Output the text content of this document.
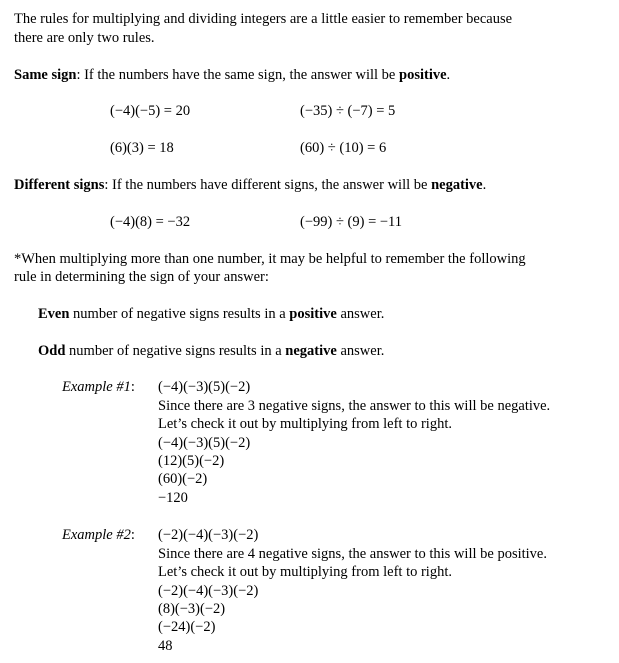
The rules for multiplying and dividing integers are a little easier to remember because
there are only two rules.
Same sign: If the numbers have the same sign, the answer will be positive.
(−4)(−5) = 20	(−35) ÷ (−7) = 5
(6)(3) = 18	(60) ÷ (10) = 6
Different signs: If the numbers have different signs, the answer will be negative.
(−4)(8) = −32	(−99) ÷ (9) = −11
*When multiplying more than one number, it may be helpful to remember the following
rule in determining the sign of your answer:
Even number of negative signs results in a positive answer.
Odd number of negative signs results in a negative answer.
Example #1: (−4)(−3)(5)(−2)
Since there are 3 negative signs, the answer to this will be negative.
Let’s check it out by multiplying from left to right.
(−4)(−3)(5)(−2)
(12)(5)(−2)
(60)(−2)
−120
Example #2: (−2)(−4)(−3)(−2)
Since there are 4 negative signs, the answer to this will be positive.
Let’s check it out by multiplying from left to right.
(−2)(−4)(−3)(−2)
(8)(−3)(−2)
(−24)(−2)
48
